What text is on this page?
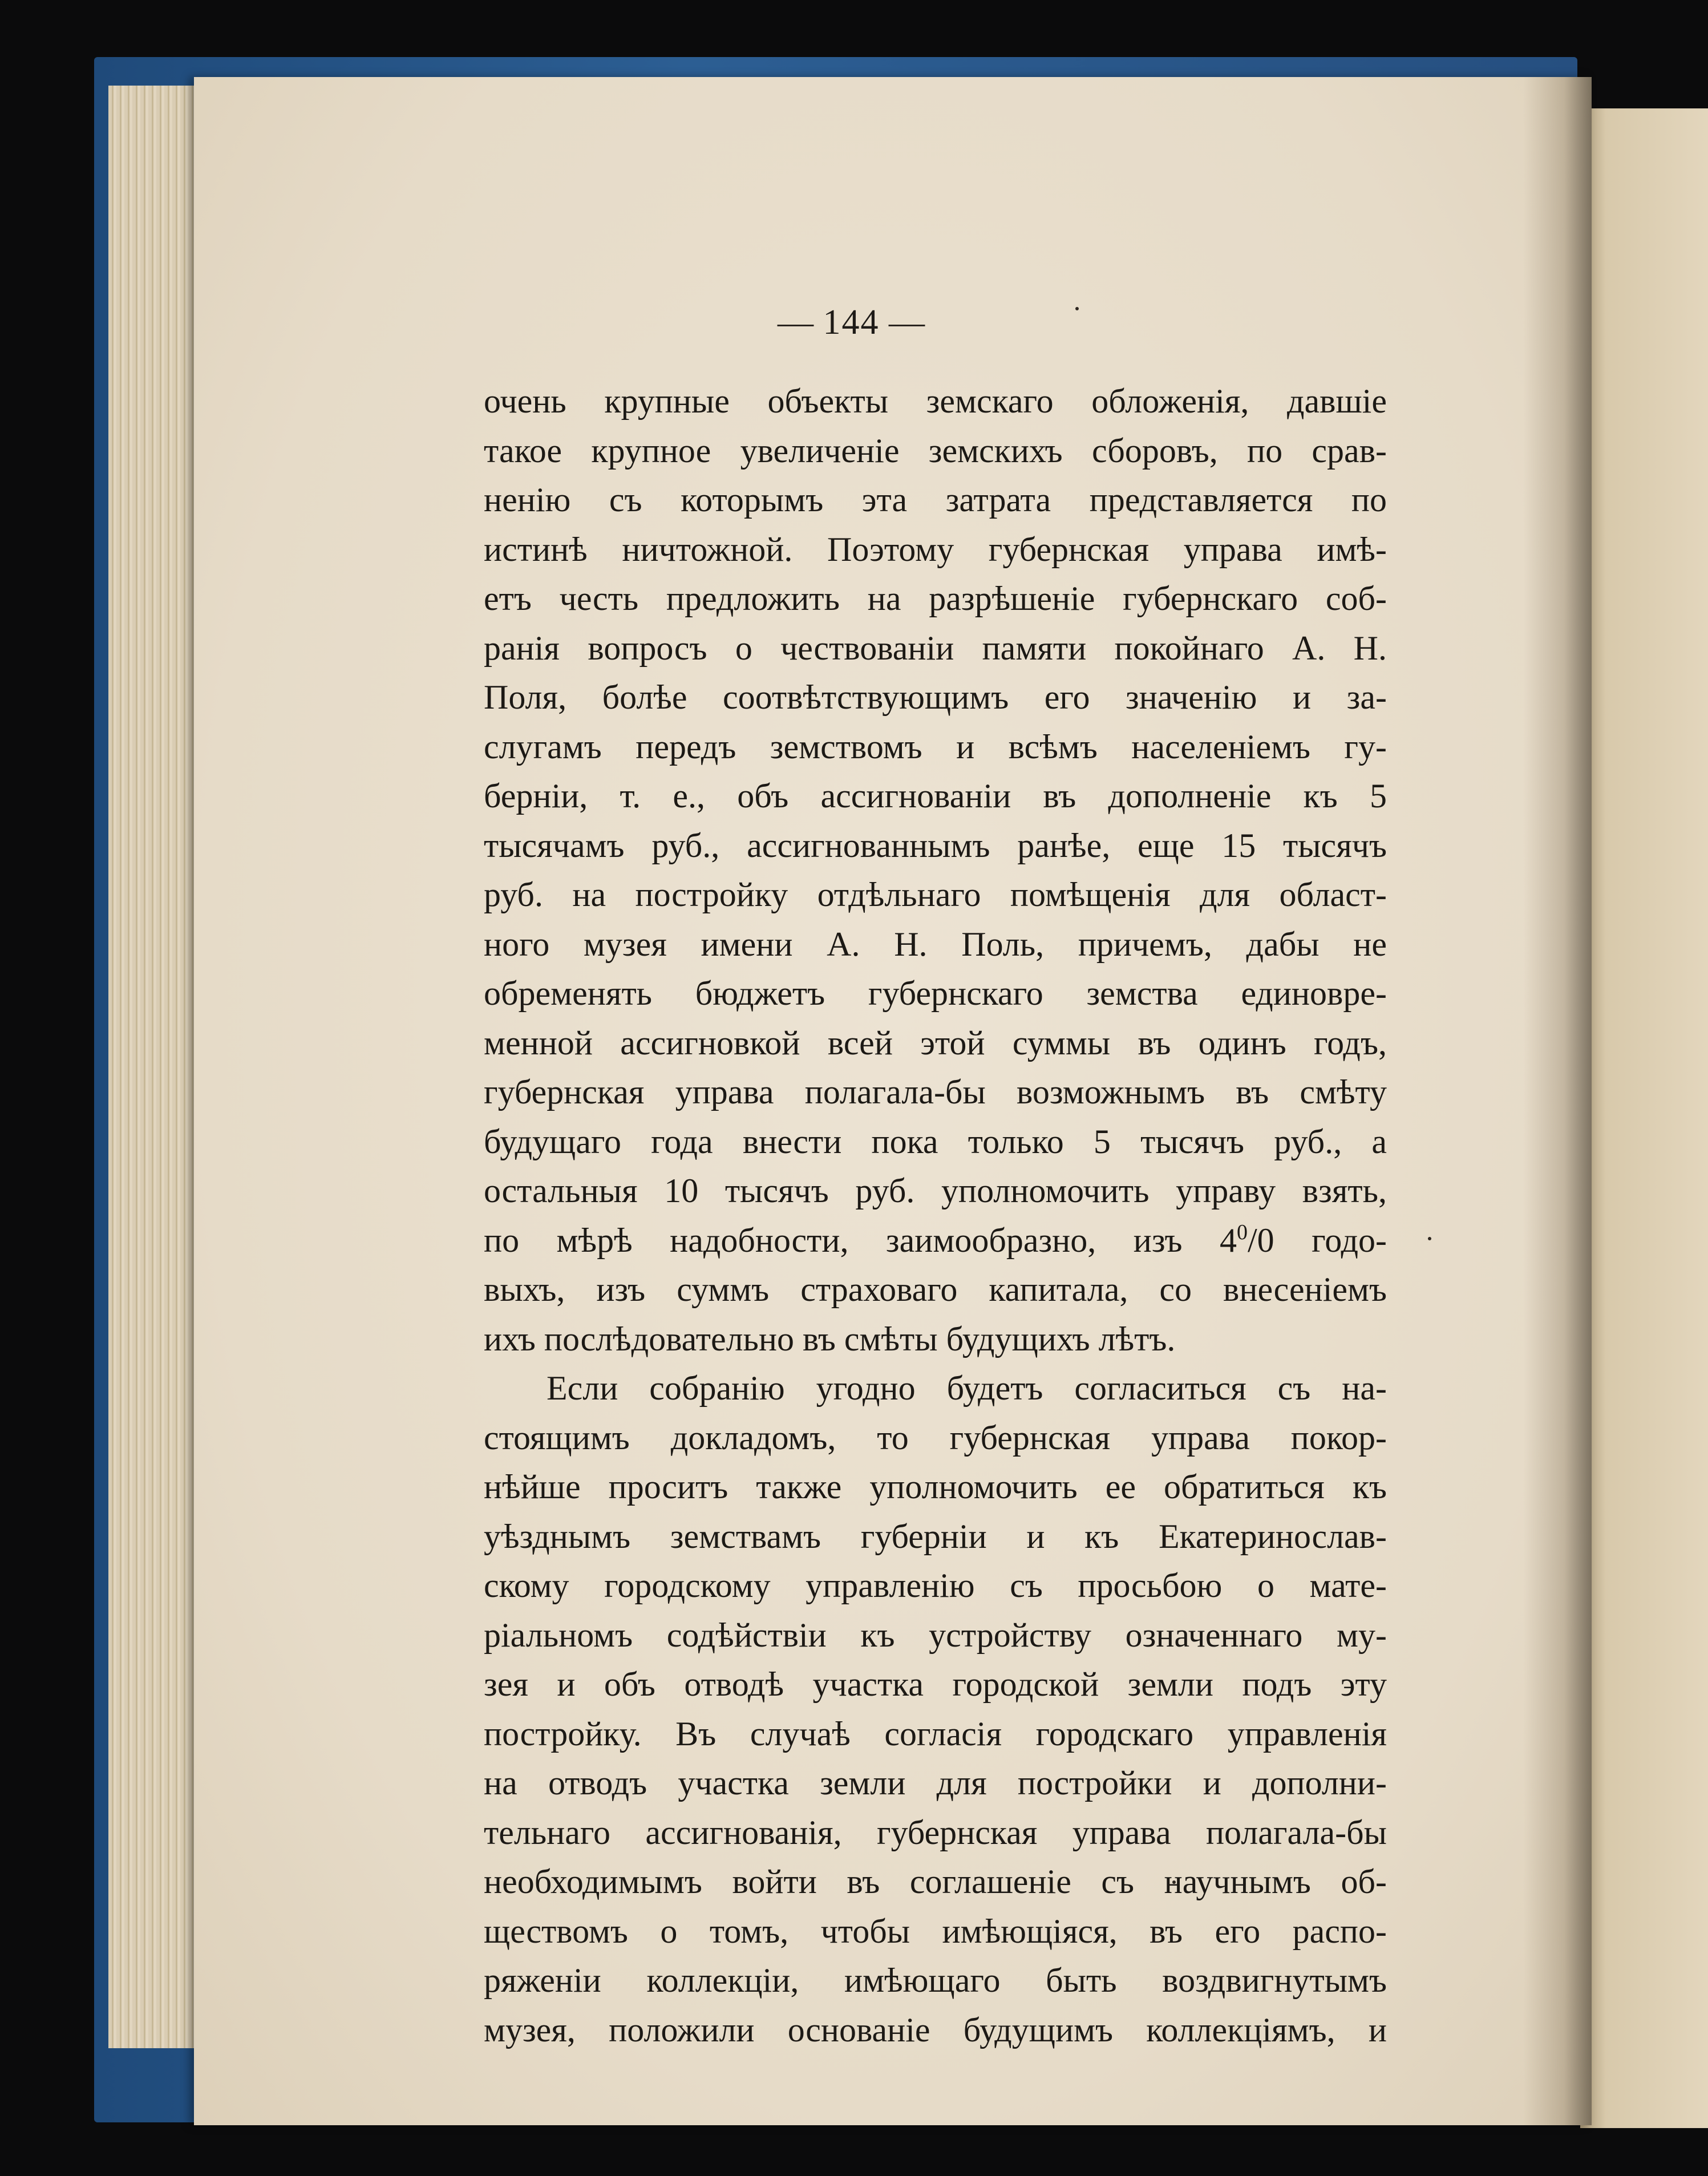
144
очень крупные объекты земскаго обложенія, давшіе
такое крупное увеличеніе земскихъ сборовъ, по срав-
ненію съ которымъ эта затрата представляется по
истинѣ ничтожной. Поэтому губернская управа имѣ-
етъ честь предложить на разрѣшеніе губернскаго соб-
ранія вопросъ о чествованіи памяти покойнаго А. Н.
Поля, болѣе соотвѣтствующимъ его значенію и за-
слугамъ передъ земствомъ и всѣмъ населеніемъ гу-
берніи, т. е., объ ассигнованіи въ дополненіе къ 5
тысячамъ руб., ассигнованнымъ ранѣе, еще 15 тысячъ
руб. на постройку отдѣльнаго помѣщенія для област-
ного музея имени А. Н. Поль, причемъ, дабы не
обременять бюджетъ губернскаго земства единовре-
менной ассигновкой всей этой суммы въ одинъ годъ,
губернская управа полагала-бы возможнымъ въ смѣту
будущаго года внести пока только 5 тысячъ руб., а
остальныя 10 тысячъ руб. уполномочить управу взять,
по мѣрѣ надобности, заимообразно, изъ $4^0/0$ годо-
выхъ, изъ суммъ страховаго капитала, со внесеніемъ
ихъ послѣдовательно въ смѣты будущихъ лѣтъ.
Если собранію угодно будетъ согласиться съ на-
стоящимъ докладомъ, то губернская управа покор-
нѣйше проситъ также уполномочить ее обратиться къ
уѣзднымъ земствамъ губерніи и къ Екатеринослав-
скому городскому управленію съ просьбою о мате-
ріальномъ содѣйствіи къ устройству означеннаго му-
зея и объ отводѣ участка городской земли подъ эту
постройку. Въ случаѣ согласія городскаго управленія
на отводъ участка земли для постройки и дополни-
тельнаго ассигнованія, губернская управа полагала-бы
необходимымъ войти въ соглашеніе съ научнымъ об-
ществомъ о томъ, чтобы имѣющіяся, въ его распо-
ряженіи коллекціи, имѣющаго быть воздвигнутымъ
музея, положили основаніе будущимъ коллекціямъ, и
